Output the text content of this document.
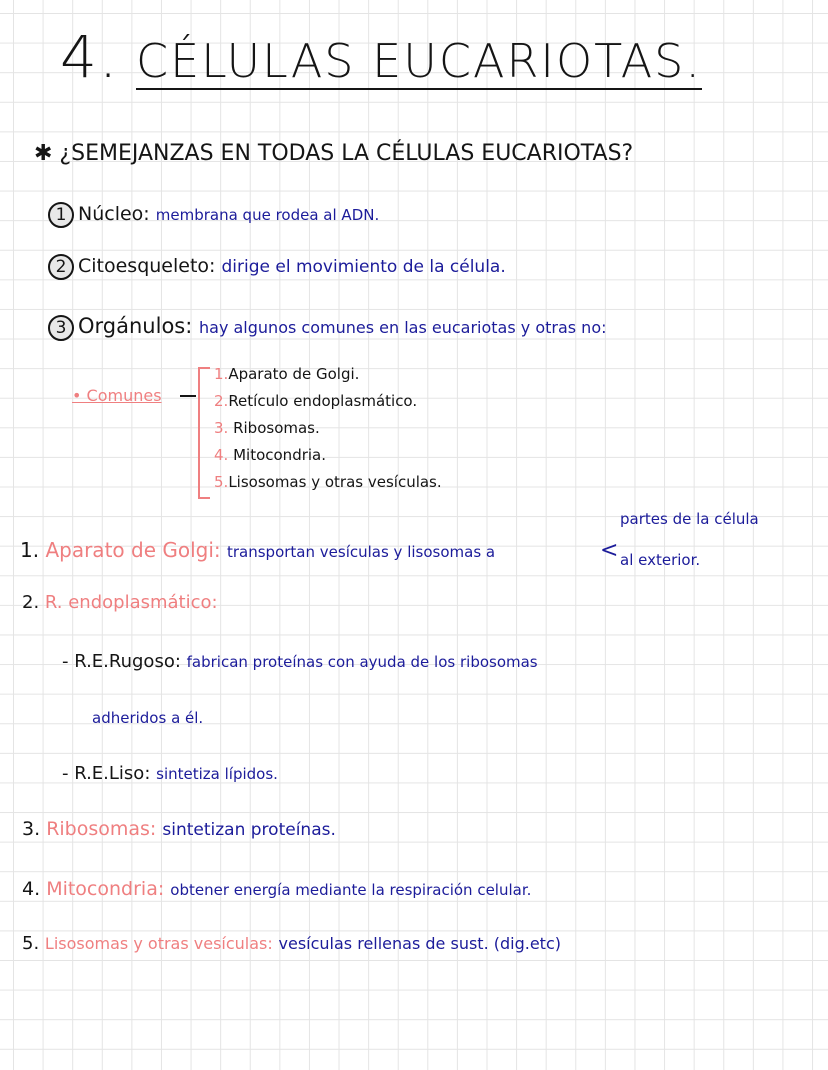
4. CÉLULAS EUCARIOTAS.
✱ ¿SEMEJANZAS EN TODAS LA CÉLULAS EUCARIOTAS?
1 Núcleo: membrana que rodea al ADN.
2 Citoesqueleto: dirige el movimiento de la célula.
3 Orgánulos: hay algunos comunes en las eucariotas y otras no:
• Comunes
1.Aparato de Golgi.
2.Retículo endoplasmático.
3. Ribosomas.
4. Mitocondria.
5.Lisosomas y otras vesículas.
1. Aparato de Golgi: transportan vesículas y lisosomas a
partes de la célula
< al exterior.
2. R. endoplasmático:
- R.E.Rugoso: fabrican proteínas con ayuda de los ribosomas
adheridos a él.
- R.E.Liso: sintetiza lípidos.
3. Ribosomas: sintetizan proteínas.
4. Mitocondria: obtener energía mediante la respiración celular.
5. Lisosomas y otras vesículas: vesículas rellenas de sust. (dig.etc)
